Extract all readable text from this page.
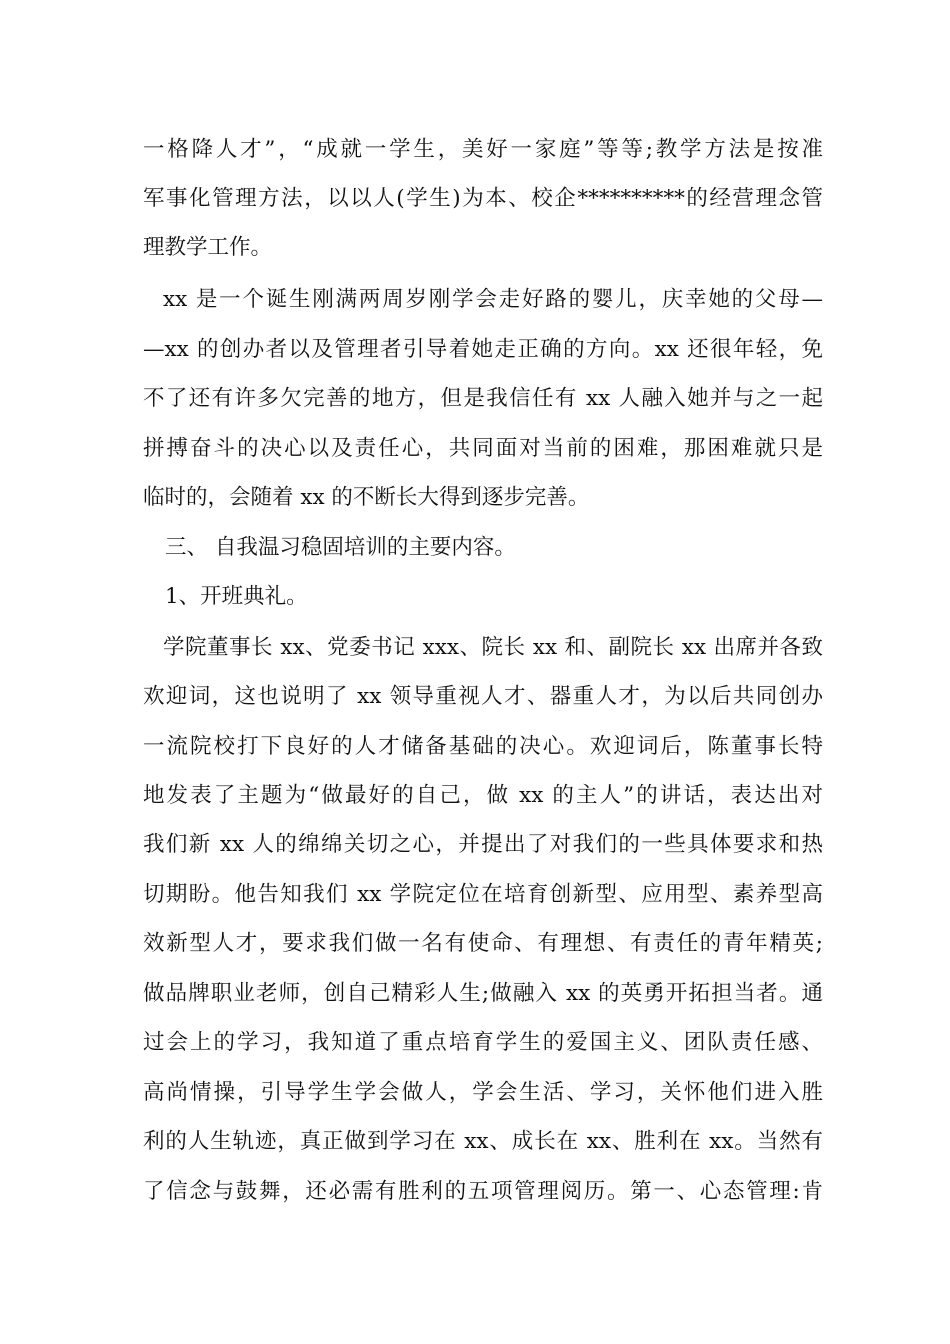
一格降人才”，“成就一学生，美好一家庭”等等;教学方法是按准
军事化管理方法，以以人(学生)为本、校企**********的经营理念管
理教学工作。
xx 是一个诞生刚满两周岁刚学会走好路的婴儿，庆幸她的父母—
—xx 的创办者以及管理者引导着她走正确的方向。xx 还很年轻，免
不了还有许多欠完善的地方，但是我信任有 xx 人融入她并与之一起
拼搏奋斗的决心以及责任心，共同面对当前的困难，那困难就只是
临时的，会随着 xx 的不断长大得到逐步完善。
三、 自我温习稳固培训的主要内容。
1、开班典礼。
学院董事长 xx、党委书记 xxx、院长 xx 和、副院长 xx 出席并各致
欢迎词，这也说明了 xx 领导重视人才、器重人才，为以后共同创办
一流院校打下良好的人才储备基础的决心。欢迎词后，陈董事长特
地发表了主题为“做最好的自己，做 xx 的主人”的讲话，表达出对
我们新 xx 人的绵绵关切之心，并提出了对我们的一些具体要求和热
切期盼。他告知我们 xx 学院定位在培育创新型、应用型、素养型高
效新型人才，要求我们做一名有使命、有理想、有责任的青年精英;
做品牌职业老师，创自己精彩人生;做融入 xx 的英勇开拓担当者。通
过会上的学习，我知道了重点培育学生的爱国主义、团队责任感、
高尚情操，引导学生学会做人，学会生活、学习，关怀他们进入胜
利的人生轨迹，真正做到学习在 xx、成长在 xx、胜利在 xx。当然有
了信念与鼓舞，还必需有胜利的五项管理阅历。第一、心态管理:肯
